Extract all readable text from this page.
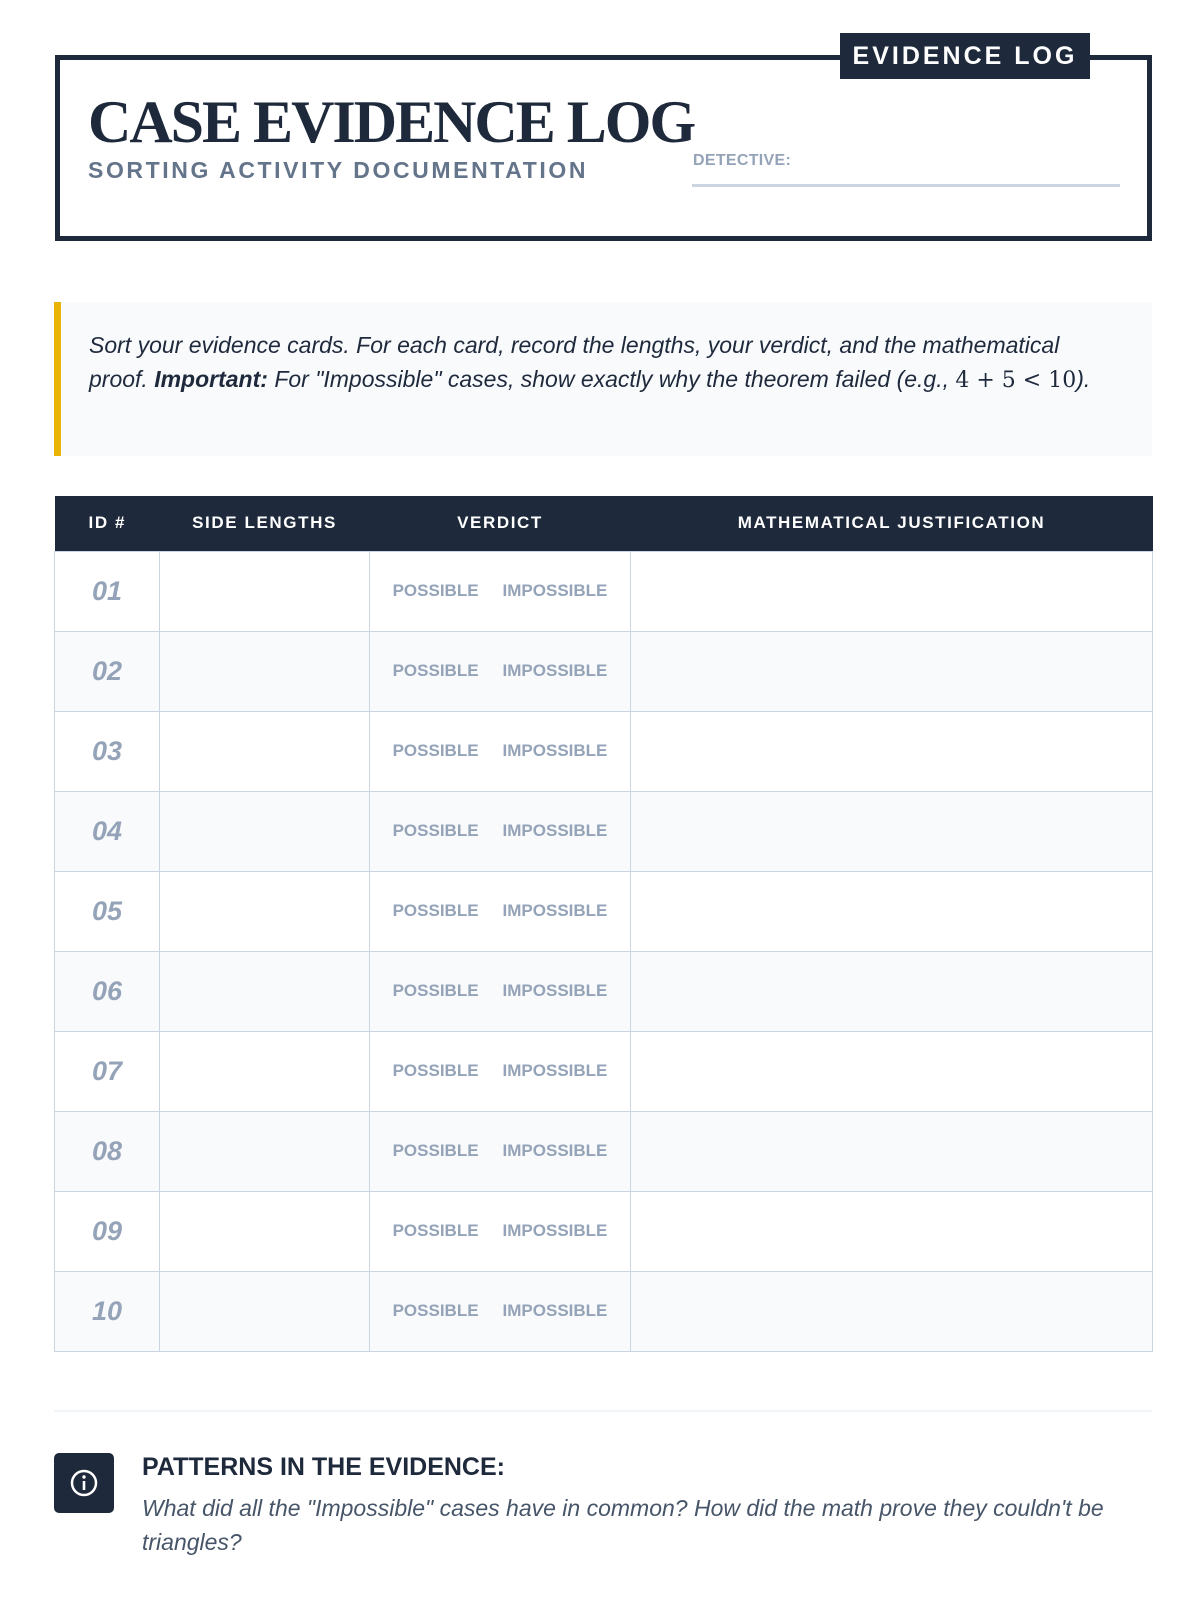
EVIDENCE LOG
CASE EVIDENCE LOG
SORTING ACTIVITY DOCUMENTATION	DETECTIVE:
Sort your evidence cards. For each card, record the lengths, your verdict, and the mathematical proof. Important: For "Impossible" cases, show exactly why the theorem failed (e.g., 4 + 5 < 10).
ID #	SIDE LENGTHS	VERDICT	MATHEMATICAL JUSTIFICATION
01		POSSIBLE IMPOSSIBLE	
02		POSSIBLE IMPOSSIBLE	
03		POSSIBLE IMPOSSIBLE	
04		POSSIBLE IMPOSSIBLE	
05		POSSIBLE IMPOSSIBLE	
06		POSSIBLE IMPOSSIBLE	
07		POSSIBLE IMPOSSIBLE	
08		POSSIBLE IMPOSSIBLE	
09		POSSIBLE IMPOSSIBLE	
10		POSSIBLE IMPOSSIBLE	
PATTERNS IN THE EVIDENCE:
What did all the "Impossible" cases have in common? How did the math prove they couldn't be triangles?
